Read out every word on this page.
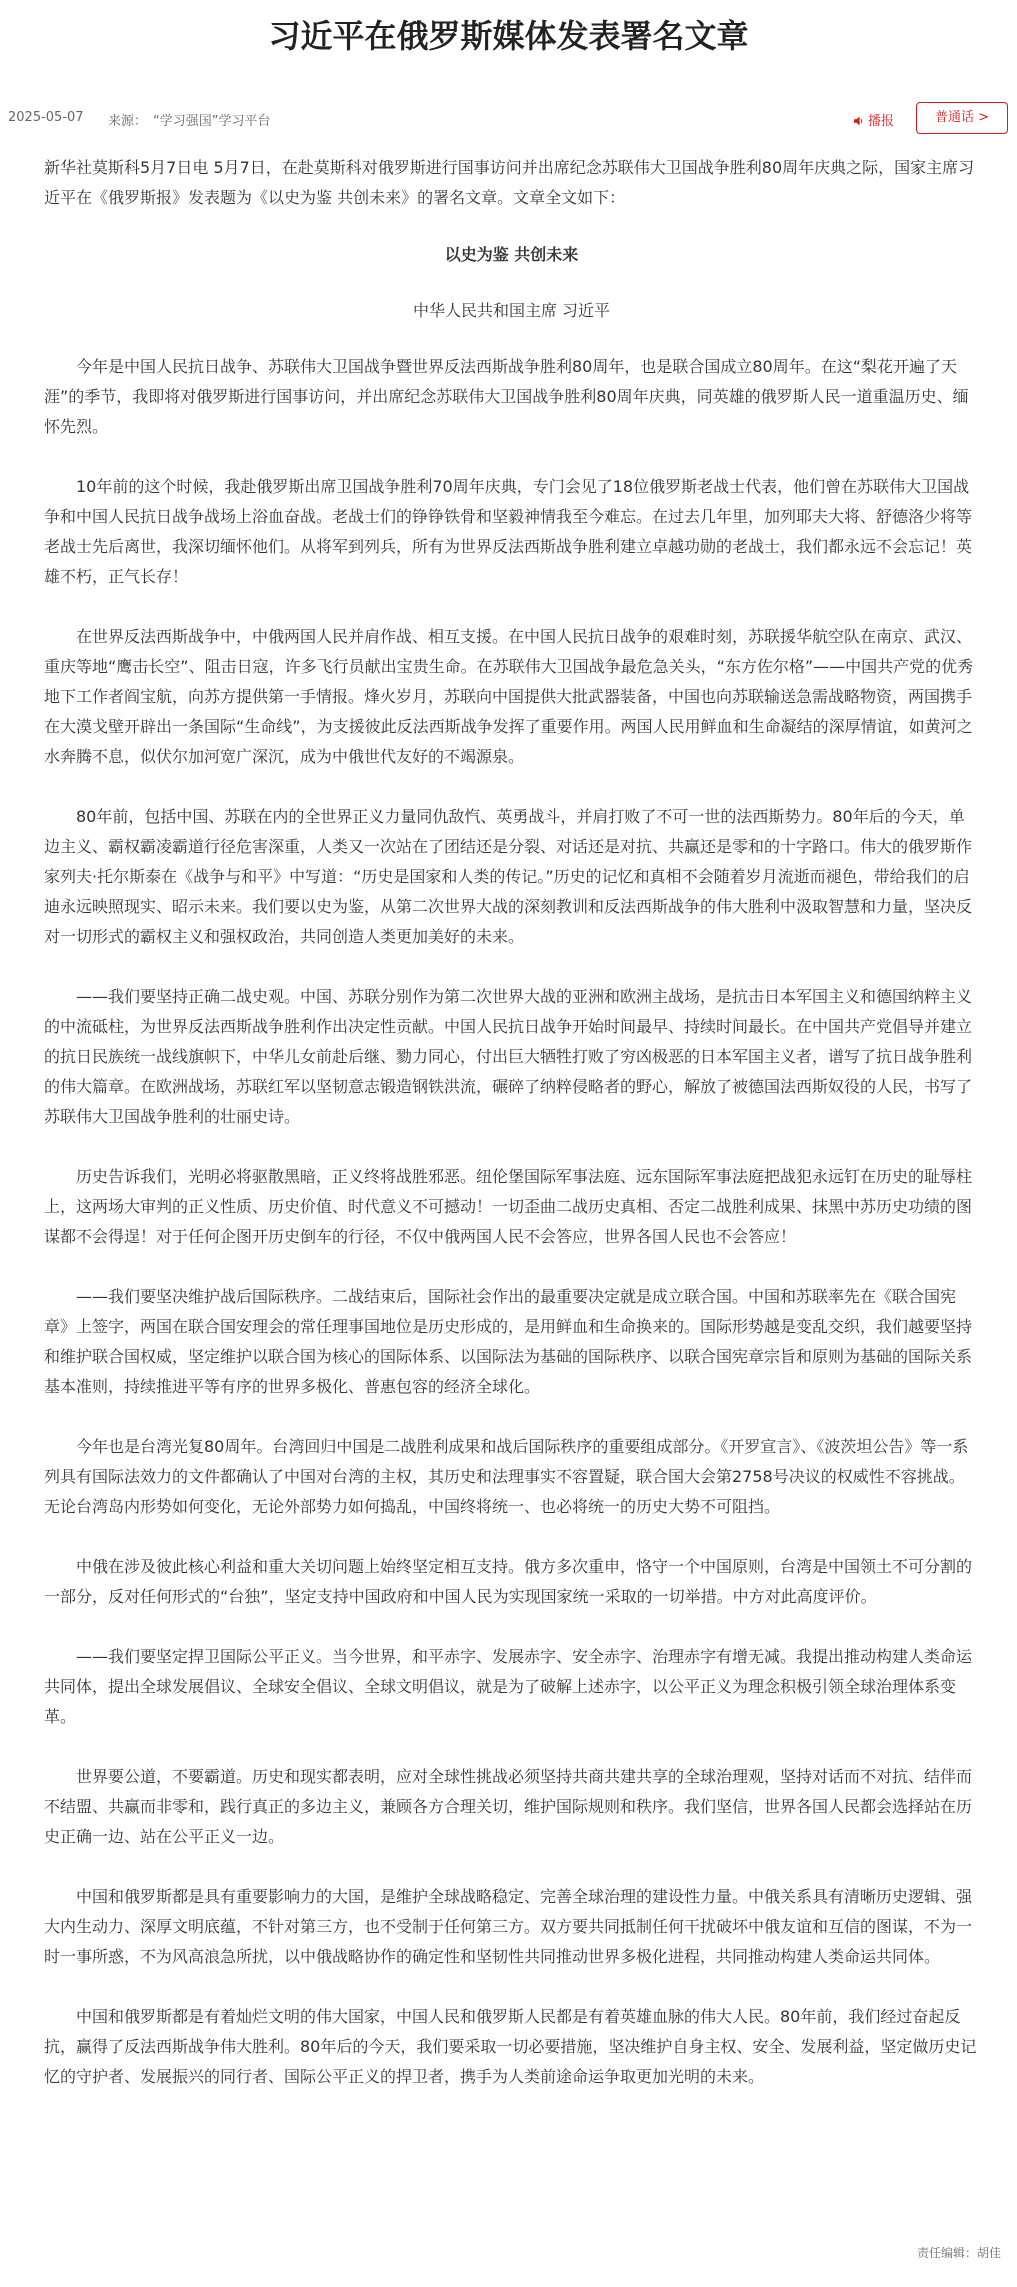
习近平在俄罗斯媒体发表署名文章
2025-05-07 来源： “学习强国”学习平台	播报	普通话 >

新华社莫斯科5月7日电 5月7日，在赴莫斯科对俄罗斯进行国事访问并出席纪念苏联伟大卫国战争胜利80周年庆典之际，国家主席习近平在《俄罗斯报》发表题为《以史为鉴 共创未来》的署名文章。文章全文如下：

以史为鉴 共创未来

中华人民共和国主席 习近平

今年是中国人民抗日战争、苏联伟大卫国战争暨世界反法西斯战争胜利80周年，也是联合国成立80周年。在这“梨花开遍了天涯”的季节，我即将对俄罗斯进行国事访问，并出席纪念苏联伟大卫国战争胜利80周年庆典，同英雄的俄罗斯人民一道重温历史、缅怀先烈。

10年前的这个时候，我赴俄罗斯出席卫国战争胜利70周年庆典，专门会见了18位俄罗斯老战士代表，他们曾在苏联伟大卫国战争和中国人民抗日战争战场上浴血奋战。老战士们的铮铮铁骨和坚毅神情我至今难忘。在过去几年里，加列耶夫大将、舒德洛少将等老战士先后离世，我深切缅怀他们。从将军到列兵，所有为世界反法西斯战争胜利建立卓越功勋的老战士，我们都永远不会忘记！英雄不朽，正气长存！

在世界反法西斯战争中，中俄两国人民并肩作战、相互支援。在中国人民抗日战争的艰难时刻，苏联援华航空队在南京、武汉、重庆等地“鹰击长空”、阻击日寇，许多飞行员献出宝贵生命。在苏联伟大卫国战争最危急关头，“东方佐尔格”——中国共产党的优秀地下工作者阎宝航，向苏方提供第一手情报。烽火岁月，苏联向中国提供大批武器装备，中国也向苏联输送急需战略物资，两国携手在大漠戈壁开辟出一条国际“生命线”，为支援彼此反法西斯战争发挥了重要作用。两国人民用鲜血和生命凝结的深厚情谊，如黄河之水奔腾不息，似伏尔加河宽广深沉，成为中俄世代友好的不竭源泉。

80年前，包括中国、苏联在内的全世界正义力量同仇敌忾、英勇战斗，并肩打败了不可一世的法西斯势力。80年后的今天，单边主义、霸权霸凌霸道行径危害深重，人类又一次站在了团结还是分裂、对话还是对抗、共赢还是零和的十字路口。伟大的俄罗斯作家列夫·托尔斯泰在《战争与和平》中写道：“历史是国家和人类的传记。”历史的记忆和真相不会随着岁月流逝而褪色，带给我们的启迪永远映照现实、昭示未来。我们要以史为鉴，从第二次世界大战的深刻教训和反法西斯战争的伟大胜利中汲取智慧和力量，坚决反对一切形式的霸权主义和强权政治，共同创造人类更加美好的未来。

——我们要坚持正确二战史观。中国、苏联分别作为第二次世界大战的亚洲和欧洲主战场，是抗击日本军国主义和德国纳粹主义的中流砥柱，为世界反法西斯战争胜利作出决定性贡献。中国人民抗日战争开始时间最早、持续时间最长。在中国共产党倡导并建立的抗日民族统一战线旗帜下，中华儿女前赴后继、勠力同心，付出巨大牺牲打败了穷凶极恶的日本军国主义者，谱写了抗日战争胜利的伟大篇章。在欧洲战场，苏联红军以坚韧意志锻造钢铁洪流，碾碎了纳粹侵略者的野心，解放了被德国法西斯奴役的人民，书写了苏联伟大卫国战争胜利的壮丽史诗。

历史告诉我们，光明必将驱散黑暗，正义终将战胜邪恶。纽伦堡国际军事法庭、远东国际军事法庭把战犯永远钉在历史的耻辱柱上，这两场大审判的正义性质、历史价值、时代意义不可撼动！一切歪曲二战历史真相、否定二战胜利成果、抹黑中苏历史功绩的图谋都不会得逞！对于任何企图开历史倒车的行径，不仅中俄两国人民不会答应，世界各国人民也不会答应！

——我们要坚决维护战后国际秩序。二战结束后，国际社会作出的最重要决定就是成立联合国。中国和苏联率先在《联合国宪章》上签字，两国在联合国安理会的常任理事国地位是历史形成的，是用鲜血和生命换来的。国际形势越是变乱交织，我们越要坚持和维护联合国权威，坚定维护以联合国为核心的国际体系、以国际法为基础的国际秩序、以联合国宪章宗旨和原则为基础的国际关系基本准则，持续推进平等有序的世界多极化、普惠包容的经济全球化。

今年也是台湾光复80周年。台湾回归中国是二战胜利成果和战后国际秩序的重要组成部分。《开罗宣言》、《波茨坦公告》等一系列具有国际法效力的文件都确认了中国对台湾的主权，其历史和法理事实不容置疑，联合国大会第2758号决议的权威性不容挑战。无论台湾岛内形势如何变化，无论外部势力如何捣乱，中国终将统一、也必将统一的历史大势不可阻挡。

中俄在涉及彼此核心利益和重大关切问题上始终坚定相互支持。俄方多次重申，恪守一个中国原则，台湾是中国领土不可分割的一部分，反对任何形式的“台独”，坚定支持中国政府和中国人民为实现国家统一采取的一切举措。中方对此高度评价。

——我们要坚定捍卫国际公平正义。当今世界，和平赤字、发展赤字、安全赤字、治理赤字有增无减。我提出推动构建人类命运共同体，提出全球发展倡议、全球安全倡议、全球文明倡议，就是为了破解上述赤字，以公平正义为理念积极引领全球治理体系变革。

世界要公道，不要霸道。历史和现实都表明，应对全球性挑战必须坚持共商共建共享的全球治理观，坚持对话而不对抗、结伴而不结盟、共赢而非零和，践行真正的多边主义，兼顾各方合理关切，维护国际规则和秩序。我们坚信，世界各国人民都会选择站在历史正确一边、站在公平正义一边。

中国和俄罗斯都是具有重要影响力的大国，是维护全球战略稳定、完善全球治理的建设性力量。中俄关系具有清晰历史逻辑、强大内生动力、深厚文明底蕴，不针对第三方，也不受制于任何第三方。双方要共同抵制任何干扰破坏中俄友谊和互信的图谋，不为一时一事所惑，不为风高浪急所扰，以中俄战略协作的确定性和坚韧性共同推动世界多极化进程，共同推动构建人类命运共同体。

中国和俄罗斯都是有着灿烂文明的伟大国家，中国人民和俄罗斯人民都是有着英雄血脉的伟大人民。80年前，我们经过奋起反抗，赢得了反法西斯战争伟大胜利。80年后的今天，我们要采取一切必要措施，坚决维护自身主权、安全、发展利益，坚定做历史记忆的守护者、发展振兴的同行者、国际公平正义的捍卫者，携手为人类前途命运争取更加光明的未来。

责任编辑：胡佳
